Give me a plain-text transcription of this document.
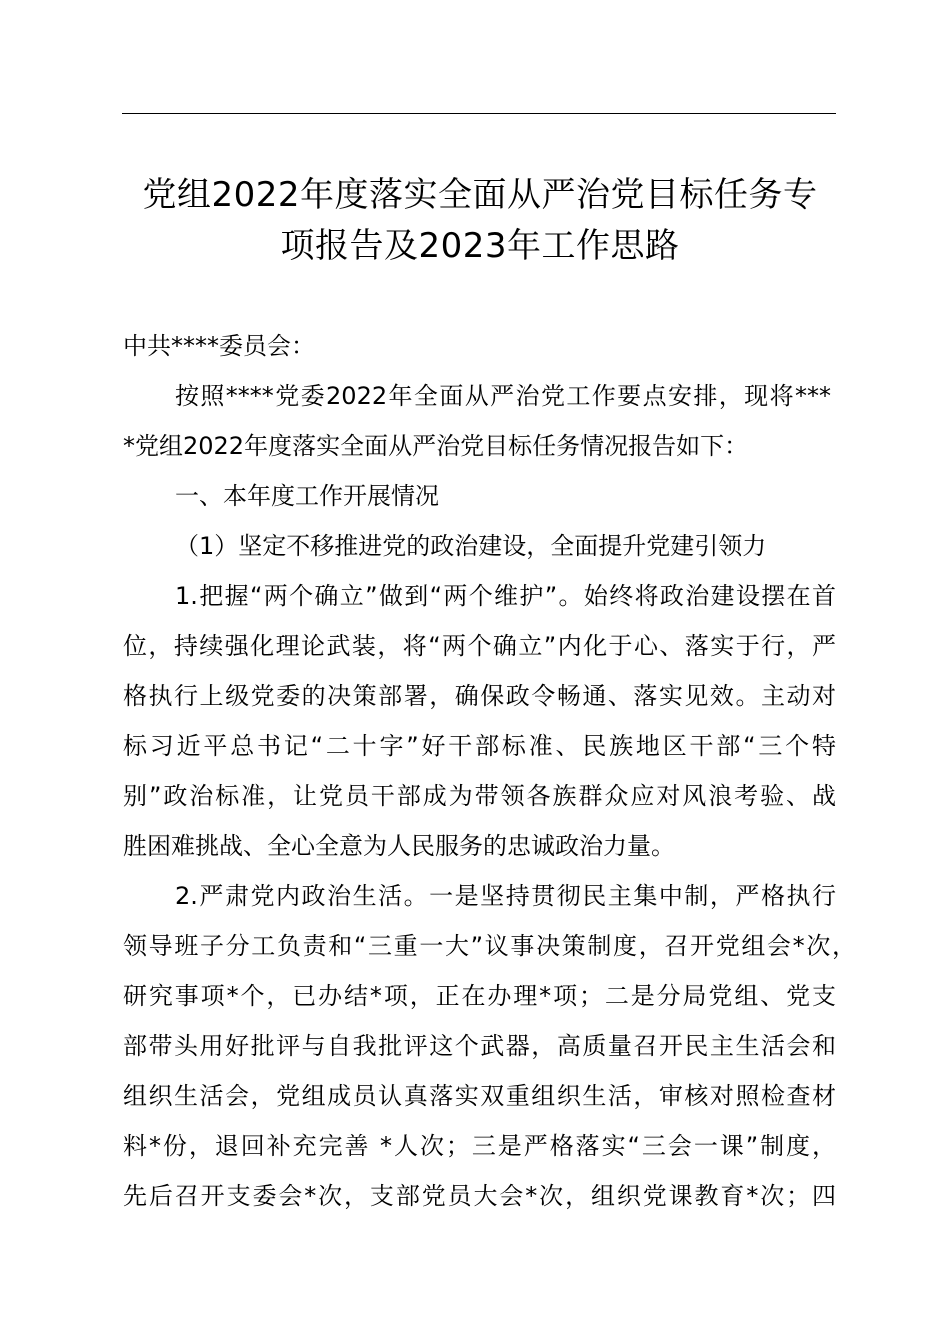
党组2022年度落实全面从严治党目标任务专
项报告及2023年工作思路
中共****委员会：
按照****党委2022年全面从严治党工作要点安排，现将***
*党组2022年度落实全面从严治党目标任务情况报告如下：
一、本年度工作开展情况
（1）坚定不移推进党的政治建设，全面提升党建引领力
1.把握“两个确立”做到“两个维护”。始终将政治建设摆在首
位，持续强化理论武装，将“两个确立”内化于心、落实于行，严
格执行上级党委的决策部署，确保政令畅通、落实见效。主动对
标习近平总书记“二十字”好干部标准、民族地区干部“三个特
别”政治标准，让党员干部成为带领各族群众应对风浪考验、战
胜困难挑战、全心全意为人民服务的忠诚政治力量。
2.严肃党内政治生活。一是坚持贯彻民主集中制，严格执行
领导班子分工负责和“三重一大”议事决策制度，召开党组会*次，
研究事项*个，已办结*项，正在办理*项；二是分局党组、党支
部带头用好批评与自我批评这个武器，高质量召开民主生活会和
组织生活会，党组成员认真落实双重组织生活，审核对照检查材
料*份，退回补充完善 *人次；三是严格落实“三会一课”制度，
先后召开支委会*次，支部党员大会*次，组织党课教育*次；四
